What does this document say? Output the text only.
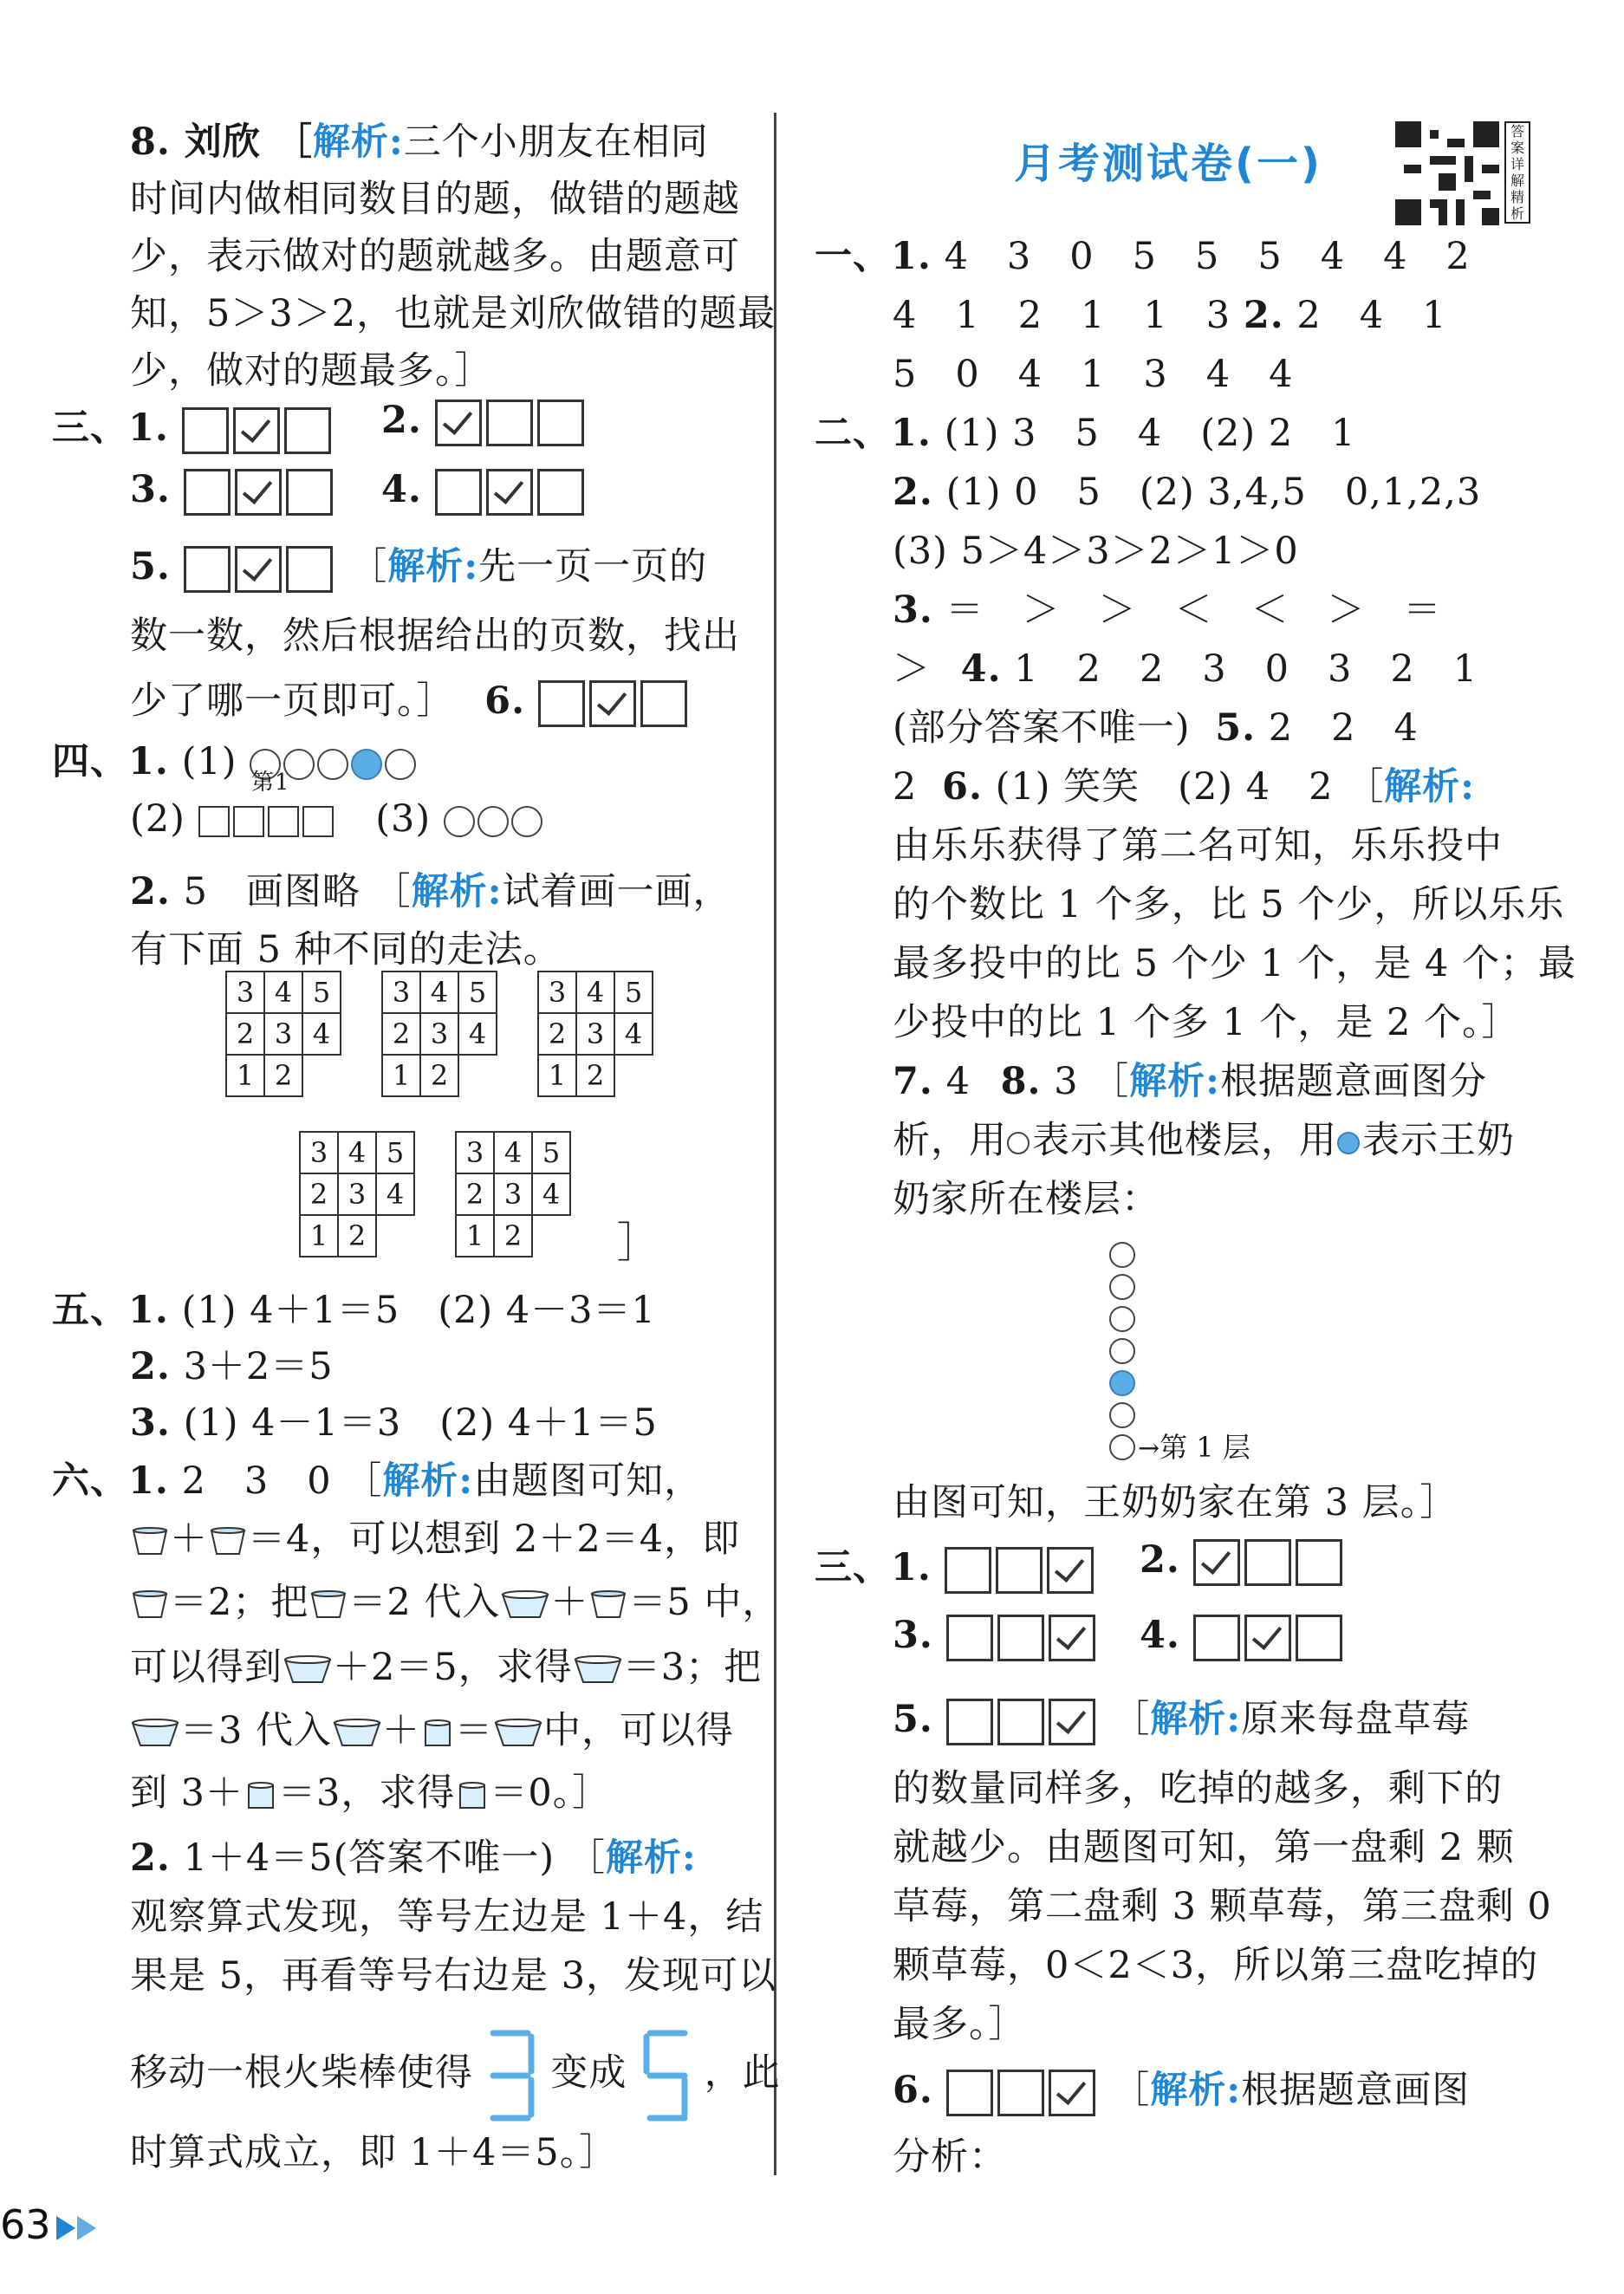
8. 刘欣 ［解析:三个小朋友在相同
时间内做相同数目的题，做错的题越
少，表示做对的题就越多。由题意可
知，5＞3＞2，也就是刘欣做错的题最
少，做对的题最多。］
三、1.	2.
3.	4.
5.	［解析:先一页一页的
数一数，然后根据给出的页数，找出
少了哪一页即可。］ 6.
四、1. (1) 第1
(2)	(3)
2. 5　画图略 ［解析:试着画一画，
有下面 5 种不同的走法。
3	4	5
2	3	4
1	2	
3	4	5
2	3	4
1	2	
3	4	5
2	3	4
1	2	
3	4	5
2	3	4
1	2	
3	4	5
2	3	4
1	2	］
五、1. (1) 4＋1＝5　(2) 4－3＝1
2. 3＋2＝5
3. (1) 4－1＝3　(2) 4＋1＝5
六、1. 2　3　0 ［解析:由题图可知，
＋ ＝4，可以想到 2＋2＝4，即
＝2；把 ＝2 代入 ＋ ＝5 中，
可以得到 ＋2＝5，求得 ＝3；把
＝3 代入 ＋ ＝ 中，可以得
到 3＋ ＝3，求得 ＝0。］
2. 1＋4＝5(答案不唯一) ［解析:
观察算式发现，等号左边是 1＋4，结
果是 5，再看等号右边是 3，发现可以
移动一根火柴棒使得 变成 ，此
时算式成立，即 1＋4＝5。］
月考测试卷(一)
答案详解精析
一、1. 4　3　0　5　5　5　4　4　2
4　1　2　1　1　3 2. 2　4　1
5　0　4　1　3　4　4
二、1. (1) 3　5　4　(2) 2　1
2. (1) 0　5　(2) 3,4,5　0,1,2,3
(3) 5＞4＞3＞2＞1＞0
3. ＝　＞　＞　＜　＜　＞　＝
＞ 4. 1　2　2　3　0　3　2　1
(部分答案不唯一) 5. 2　2　4
2 6. (1) 笑笑　(2) 4　2 ［解析:
由乐乐获得了第二名可知，乐乐投中
的个数比 1 个多，比 5 个少，所以乐乐
最多投中的比 5 个少 1 个，是 4 个；最
少投中的比 1 个多 1 个，是 2 个。］
7. 4 8. 3 ［解析:根据题意画图分
析，用 表示其他楼层，用 表示王奶
奶家所在楼层：
→第 1 层
由图可知，王奶奶家在第 3 层。］
三、1.	2.
3.	4.
5.	［解析:原来每盘草莓
的数量同样多，吃掉的越多，剩下的
就越少。由题图可知，第一盘剩 2 颗
草莓，第二盘剩 3 颗草莓，第三盘剩 0
颗草莓，0＜2＜3，所以第三盘吃掉的
最多。］
6.	［解析:根据题意画图
分析：
63
